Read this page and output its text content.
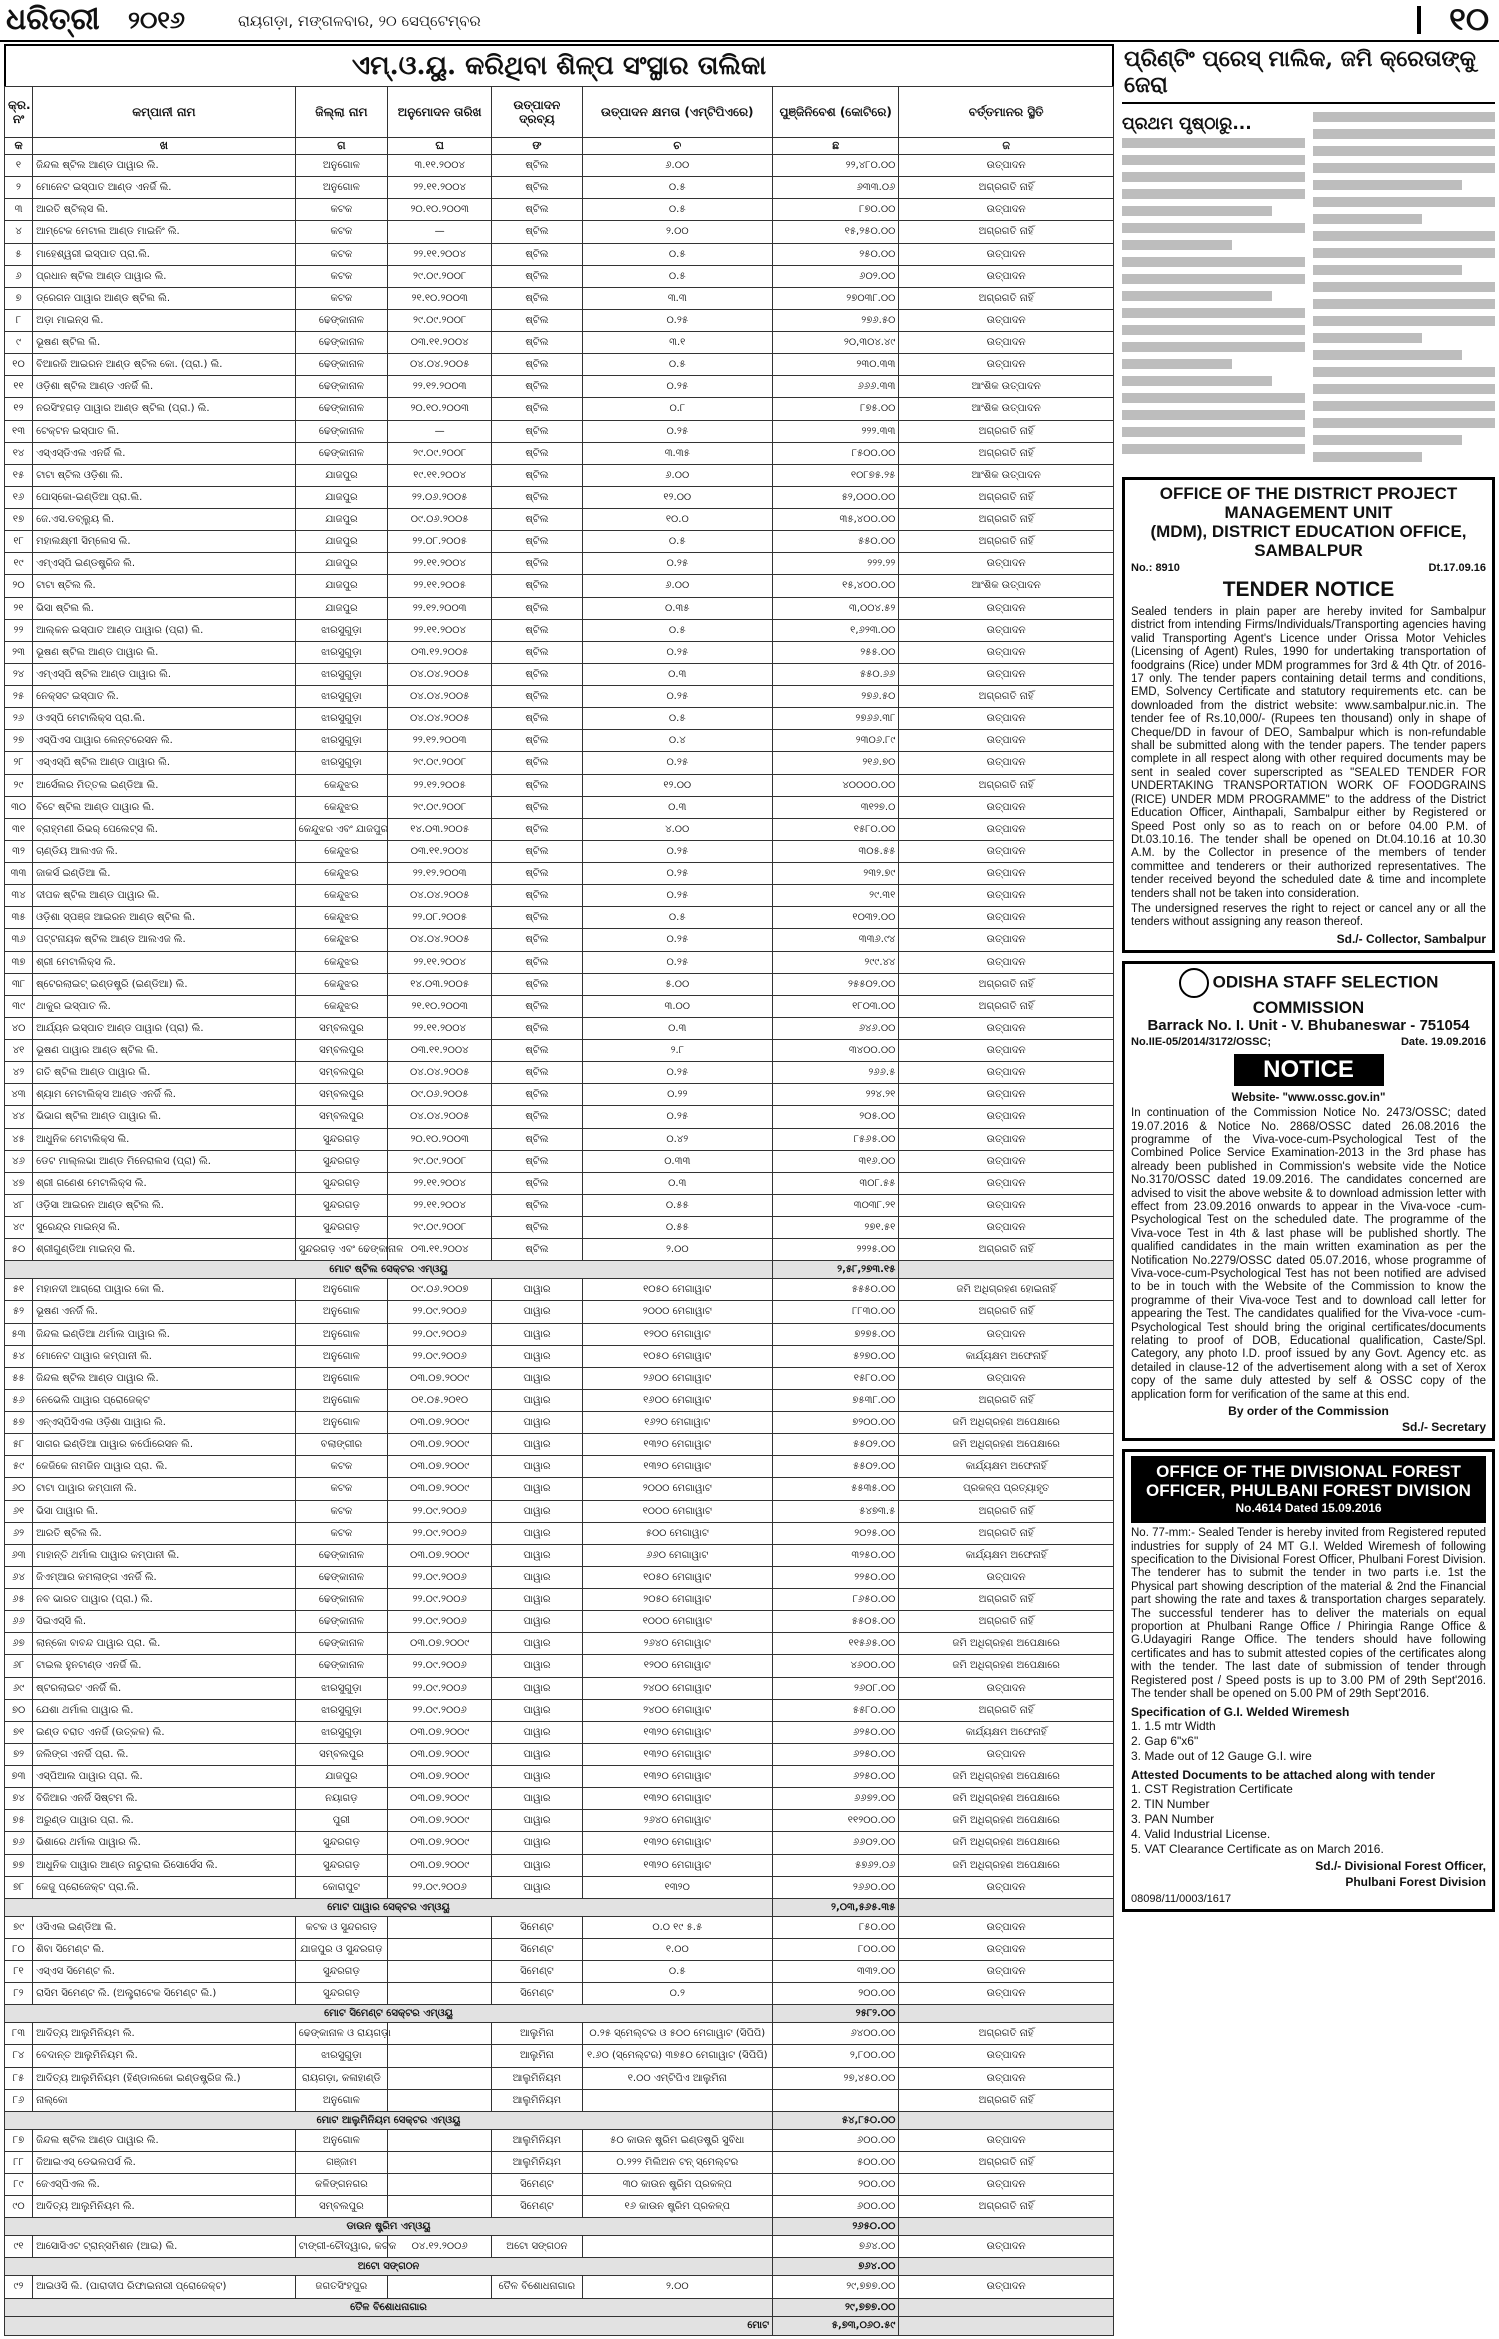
ଧରିତ୍ରୀ ୨୦୧୬	ରାୟଗଡ଼ା, ମଙ୍ଗଳବାର, ୨୦ ସେପ୍ଟେମ୍ବର	୧୦
ଏମ୍.ଓ.ୟୁ. କରିଥିବା ଶିଳ୍ପ ସଂସ୍ଥାର ତାଲିକା
କ୍ର. ନଂ	କମ୍ପାନୀ ନାମ	ଜିଲ୍ଲା ନାମ	ଅନୁମୋଦନ ତାରିଖ	ଉତ୍ପାଦନ ଦ୍ରବ୍ୟ	ଉତ୍ପାଦନ କ୍ଷମତା (ଏମ୍‌ଟିପିଏରେ)	ପୁଞ୍ଜିନିବେଶ (କୋଟିରେ)	ବର୍ତ୍ତମାନର ସ୍ଥିତି
କ	ଖ	ଗ	ଘ	ଙ	ଚ	ଛ	ଜ
୧	ଜିନ୍ଦଲ ଷ୍ଟିଲ ଆଣ୍ଡ ପାୱାର ଲି.	ଅନୁଗୋଳ	୩.୧୧.୨୦୦୪	ଷ୍ଟିଲ	୬.୦୦	୨୨,୪୮୦.୦୦	ଉତ୍ପାଦନ
୨	ମୋନେଟ ଇସ୍ପାତ ଆଣ୍ଡ ଏନର୍ଜି ଲି.	ଅନୁଗୋଳ	୨୨.୧୧.୨୦୦୪	ଷ୍ଟିଲ	୦.୫	୬୩୩.୦୬	ଅଗ୍ରଗତି ନାହିଁ
୩	ଆରତି ଷ୍ଟିଲ୍ସ ଲି.	କଟକ	୨୦.୧୦.୨୦୦୩	ଷ୍ଟିଲ	୦.୫	୮୭୦.୦୦	ଉତ୍ପାଦନ
୪	ଆମ୍‌ଟେକ ମେଟାଲ ଆଣ୍ଡ ମାଇନିଂ ଲି.	କଟକ	—	ଷ୍ଟିଲ	୨.୦୦	୧୫,୨୫୦.୦୦	ଅଗ୍ରଗତି ନାହିଁ
୫	ମାହେଶ୍ୱରୀ ଇସ୍ପାତ ପ୍ରା.ଲି.	କଟକ	୨୨.୧୧.୨୦୦୪	ଷ୍ଟିଲ	୦.୫	୨୫୦.୦୦	ଉତ୍ପାଦନ
୬	ପ୍ରଧାନ ଷ୍ଟିଲ ଆଣ୍ଡ ପାୱାର ଲି.	କଟକ	୨୯.୦୯.୨୦୦୮	ଷ୍ଟିଲ	୦.୫	୬୦୨.୦୦	ଉତ୍ପାଦନ
୭	ଡ୍ରେଗନ ପାୱାର ଆଣ୍ଡ ଷ୍ଟିଲ ଲି.	କଟକ	୨୧.୧୦.୨୦୦୩	ଷ୍ଟିଲ	୩.୩	୨୭୦୩୮.୦୦	ଅଗ୍ରଗତି ନାହିଁ
୮	ଅଡ଼ା ମାଇନ୍ସ ଲି.	ଢେଙ୍କାନାଳ	୨୯.୦୯.୨୦୦୮	ଷ୍ଟିଲ	୦.୨୫	୨୭୬.୫୦	ଉତ୍ପାଦନ
୯	ଭୂଷଣ ଷ୍ଟିଲ ଲି.	ଢେଙ୍କାନାଳ	୦୩.୧୧.୨୦୦୪	ଷ୍ଟିଲ	୩.୧	୨୦,୩୦୪.୪୯	ଉତ୍ପାଦନ
୧୦	ବିଆରଜି ଆଇରନ ଆଣ୍ଡ ଷ୍ଟିଲ କୋ. (ପ୍ରା.) ଲି.	ଢେଙ୍କାନାଳ	୦୪.୦୪.୨୦୦୫	ଷ୍ଟିଲ	୦.୫	୨୩୦.୩୩	ଉତ୍ପାଦନ
୧୧	ଓଡ଼ିଶା ଷ୍ଟିଲ ଆଣ୍ଡ ଏନର୍ଜି ଲି.	ଢେଙ୍କାନାଳ	୨୨.୧୨.୨୦୦୩	ଷ୍ଟିଲ	୦.୨୫	୬୬୬.୩୩	ଆଂଶିକ ଉତ୍ପାଦନ
୧୨	ନରସିଂହଗଡ଼ ପାୱାର ଆଣ୍ଡ ଷ୍ଟିଲ (ପ୍ରା.) ଲି.	ଢେଙ୍କାନାଳ	୨୦.୧୦.୨୦୦୩	ଷ୍ଟିଲ	୦.୮	୮୭୫.୦୦	ଆଂଶିକ ଉତ୍ପାଦନ
୧୩	ଟେକ୍‌ଟନ ଇସ୍ପାତ ଲି.	ଢେଙ୍କାନାଳ	—	ଷ୍ଟିଲ	୦.୨୫	୨୨୨.୩୩	ଅଗ୍ରଗତି ନାହିଁ
୧୪	ଏସ୍‌ଏସ୍‌ଡିଏଲ ଏନର୍ଜି ଲି.	ଢେଙ୍କାନାଳ	୨୯.୦୯.୨୦୦୮	ଷ୍ଟିଲ	୩.୩୫	୮୫୦୦.୦୦	ଅଗ୍ରଗତି ନାହିଁ
୧୫	ଟାଟା ଷ୍ଟିଲ ଓଡ଼ିଶା ଲି.	ଯାଜପୁର	୧୯.୧୧.୨୦୦୪	ଷ୍ଟିଲ	୬.୦୦	୧୦୮୭୫.୨୫	ଆଂଶିକ ଉତ୍ପାଦନ
୧୬	ପୋସ୍କୋ-ଇଣ୍ଡିଆ ପ୍ରା.ଲି.	ଯାଜପୁର	୨୨.୦୬.୨୦୦୫	ଷ୍ଟିଲ	୧୨.୦୦	୫୨,୦୦୦.୦୦	ଅଗ୍ରଗତି ନାହିଁ
୧୭	ଜେ.ଏସ.ଡବ୍ଲ୍ୟୁ ଲି.	ଯାଜପୁର	୦୯.୦୬.୨୦୦୫	ଷ୍ଟିଲ	୧୦.୦	୩୫,୪୦୦.୦୦	ଅଗ୍ରଗତି ନାହିଁ
୧୮	ମହାଲକ୍ଷ୍ମୀ ସିମ୍‌ଲେସ ଲି.	ଯାଜପୁର	୨୨.୦୮.୨୦୦୫	ଷ୍ଟିଲ	୦.୫	୫୫୦.୦୦	ଅଗ୍ରଗତି ନାହିଁ
୧୯	ଏମ୍‌ଏସ୍‌ପି ଇଣ୍ଡଷ୍ଟ୍ରିଜ ଲି.	ଯାଜପୁର	୨୨.୧୧.୨୦୦୪	ଷ୍ଟିଲ	୦.୨୫	୨୨୨.୨୨	ଉତ୍ପାଦନ
୨୦	ଟାଟା ଷ୍ଟିଲ ଲି.	ଯାଜପୁର	୨୨.୧୧.୨୦୦୫	ଷ୍ଟିଲ	୬.୦୦	୧୫,୪୦୦.୦୦	ଆଂଶିକ ଉତ୍ପାଦନ
୨୧	ଭିସା ଷ୍ଟିଲ ଲି.	ଯାଜପୁର	୨୨.୧୨.୨୦୦୩	ଷ୍ଟିଲ	୦.୩୫	୩,୦୦୪.୫୨	ଉତ୍ପାଦନ
୨୨	ଆଲ୍‌କନ ଇସ୍ପାତ ଆଣ୍ଡ ପାୱାର (ପ୍ରା) ଲି.	ଝାରସୁଗୁଡ଼ା	୨୨.୧୧.୨୦୦୪	ଷ୍ଟିଲ	୦.୫	୧,୬୨୩.୦୦	ଉତ୍ପାଦନ
୨୩	ଭୂଷଣ ଷ୍ଟିଲ ଆଣ୍ଡ ପାୱାର ଲି.	ଝାରସୁଗୁଡ଼ା	୦୩.୧୨.୨୦୦୫	ଷ୍ଟିଲ	୦.୨୫	୨୫୫.୦୦	ଉତ୍ପାଦନ
୨୪	ଏମ୍‌ଏସ୍‌ପି ଷ୍ଟିଲ ଆଣ୍ଡ ପାୱାର ଲି.	ଝାରସୁଗୁଡ଼ା	୦୪.୦୪.୨୦୦୫	ଷ୍ଟିଲ	୦.୩	୫୫୦.୬୬	ଉତ୍ପାଦନ
୨୫	ନେକ୍ସଟ ଇସ୍ପାତ ଲି.	ଝାରସୁଗୁଡ଼ା	୦୪.୦୪.୨୦୦୫	ଷ୍ଟିଲ	୦.୨୫	୨୭୬.୫୦	ଅଗ୍ରଗତି ନାହିଁ
୨୬	ଓଏସ୍‌ପି ମେଟାଲିକ୍ସ ପ୍ରା.ଲି.	ଝାରସୁଗୁଡ଼ା	୦୪.୦୪.୨୦୦୫	ଷ୍ଟିଲ	୦.୫	୨୭୬୬.୩୮	ଉତ୍ପାଦନ
୨୭	ଏସ୍‌ପିଏସ ପାୱାର ଲେନ୍‌ଟରେସନ ଲି.	ଝାରସୁଗୁଡ଼ା	୨୨.୧୨.୨୦୦୩	ଷ୍ଟିଲ	୦.୪	୨୩୦୬.୮୯	ଉତ୍ପାଦନ
୨୮	ଏସ୍‌ଏସ୍‌ପି ଷ୍ଟିଲ ଆଣ୍ଡ ପାୱାର ଲି.	ଝାରସୁଗୁଡ଼ା	୨୯.୦୯.୨୦୦୮	ଷ୍ଟିଲ	୦.୨୫	୨୧୬.୭୦	ଉତ୍ପାଦନ
୨୯	ଆର୍ସେଲର ମିତ୍ତଲ ଇଣ୍ଡିଆ ଲି.	କେନ୍ଦୁଝର	୨୨.୧୨.୨୦୦୫	ଷ୍ଟିଲ	୧୨.୦୦	୪୦୦୦୦.୦୦	ଅଗ୍ରଗତି ନାହିଁ
୩୦	ବିଟେ ଷ୍ଟିଲ ଆଣ୍ଡ ପାୱାର ଲି.	କେନ୍ଦୁଝର	୨୯.୦୯.୨୦୦୮	ଷ୍ଟିଲ	୦.୩	୩୧୨୭.୦	ଉତ୍ପାଦନ
୩୧	ବ୍ରାହ୍ମଣୀ ରିଭର୍ ପେଲେଟ୍ସ ଲି.	କେନ୍ଦୁଝର ଏବଂ ଯାଜପୁର	୧୪.୦୩.୨୦୦୫	ଷ୍ଟିଲ	୪.୦୦	୧୫୮୦.୦୦	ଉତ୍ପାଦନ
୩୨	ଚାଣ୍ଡିୟ ଆଲଏଜ ଲି.	କେନ୍ଦୁଝର	୦୩.୧୧.୨୦୦୪	ଷ୍ଟିଲ	୦.୨୫	୩୦୫.୫୫	ଉତ୍ପାଦନ
୩୩	ଜାକର୍ସ ଇଣ୍ଡିଆ ଲି.	କେନ୍ଦୁଝର	୨୨.୧୨.୨୦୦୩	ଷ୍ଟିଲ	୦.୨୫	୨୩୨.୭୯	ଉତ୍ପାଦନ
୩୪	ଦୀପକ ଷ୍ଟିଲ ଆଣ୍ଡ ପାୱାର ଲି.	କେନ୍ଦୁଝର	୦୪.୦୪.୨୦୦୫	ଷ୍ଟିଲ	୦.୨୫	୨୯.୩୧	ଉତ୍ପାଦନ
୩୫	ଓଡ଼ିଶା ସ୍ପଞ୍ଜ ଆଇରନ ଆଣ୍ଡ ଷ୍ଟିଲ ଲି.	କେନ୍ଦୁଝର	୨୨.୦୮.୨୦୦୫	ଷ୍ଟିଲ	୦.୫	୧୦୩୨.୦୦	ଉତ୍ପାଦନ
୩୬	ପଟ୍ଟନାୟକ ଷ୍ଟିଲ ଆଣ୍ଡ ଆଲଏଜ ଲି.	କେନ୍ଦୁଝର	୦୪.୦୪.୨୦୦୫	ଷ୍ଟିଲ	୦.୨୫	୩୩୬.୯୪	ଉତ୍ପାଦନ
୩୭	ଶ୍ରୀ ମେଟାଲିକ୍ସ ଲି.	କେନ୍ଦୁଝର	୨୨.୧୧.୨୦୦୪	ଷ୍ଟିଲ	୦.୨୫	୨୯୯.୪୪	ଉତ୍ପାଦନ
୩୮	ଷ୍ଟେରଲାଇଟ୍ ଇଣ୍ଡଷ୍ଟ୍ରି (ଇଣ୍ଡିଆ) ଲି.	କେନ୍ଦୁଝର	୧୪.୦୩.୨୦୦୫	ଷ୍ଟିଲ	୫.୦୦	୨୫୫୦୨.୦୦	ଅଗ୍ରଗତି ନାହିଁ
୩୯	ଥାକୁର ଇସ୍ପାତ ଲି.	କେନ୍ଦୁଝର	୨୧.୧୦.୨୦୦୩	ଷ୍ଟିଲ	୩.୦୦	୧୮୦୩.୦୦	ଅଗ୍ରଗତି ନାହିଁ
୪୦	ଆର୍ଯ୍ୟନ ଇସ୍ପାତ ଆଣ୍ଡ ପାୱାର (ପ୍ରା) ଲି.	ସମ୍ବଲପୁର	୨୨.୧୧.୨୦୦୪	ଷ୍ଟିଲ	୦.୩	୬୪୬.୦୦	ଉତ୍ପାଦନ
୪୧	ଭୂଷଣ ପାୱାର ଆଣ୍ଡ ଷ୍ଟିଲ ଲି.	ସମ୍ବଲପୁର	୦୩.୧୧.୨୦୦୪	ଷ୍ଟିଲ	୨.୮	୩୪୦୦.୦୦	ଉତ୍ପାଦନ
୪୨	ଗତି ଷ୍ଟିଲ ଆଣ୍ଡ ପାୱାର ଲି.	ସମ୍ବଲପୁର	୦୪.୦୪.୨୦୦୫	ଷ୍ଟିଲ	୦.୨୫	୨୬୬.୫	ଉତ୍ପାଦନ
୪୩	ଶ୍ୟାମ ମେଟାଲିକ୍ସ ଆଣ୍ଡ ଏନର୍ଜି ଲି.	ସମ୍ବଲପୁର	୦୯.୦୬.୨୦୦୫	ଷ୍ଟିଲ	୦.୨୨	୨୨୪.୨୧	ଉତ୍ପାଦନ
୪୪	ଭିଭାଗ ଷ୍ଟିଲ ଆଣ୍ଡ ପାୱାର ଲି.	ସମ୍ବଲପୁର	୦୪.୦୪.୨୦୦୫	ଷ୍ଟିଲ	୦.୨୫	୨୦୫.୦୦	ଉତ୍ପାଦନ
୪୫	ଆଧୁନିକ ମେଟାଲିକ୍ସ ଲି.	ସୁନ୍ଦରଗଡ଼	୨୦.୧୦.୨୦୦୩	ଷ୍ଟିଲ	୦.୪୨	୮୫୬୫.୦୦	ଉତ୍ପାଦନ
୪୬	ଡେଟ ମାଲ୍ଲଭା ଆଣ୍ଡ ମିନେରାଲସ (ପ୍ରା) ଲି.	ସୁନ୍ଦରଗଡ଼	୨୯.୦୯.୨୦୦୮	ଷ୍ଟିଲ	୦.୩୩	୩୧୬.୦୦	ଉତ୍ପାଦନ
୪୭	ଶ୍ରୀ ଗଣେଶ ମେଟାଲିକ୍ସ ଲି.	ସୁନ୍ଦରଗଡ଼	୨୨.୧୧.୨୦୦୪	ଷ୍ଟିଲ	୦.୩	୩୦୮.୫୫	ଉତ୍ପାଦନ
୪୮	ଓଡ଼ିସା ଆଇରନ ଆଣ୍ଡ ଷ୍ଟିଲ ଲି.	ସୁନ୍ଦରଗଡ଼	୨୨.୧୧.୨୦୦୪	ଷ୍ଟିଲ	୦.୫୫	୩୦୩୮.୨୧	ଉତ୍ପାଦନ
୪୯	ସୁରେନ୍ଦ୍ର ମାଇନ୍ସ ଲି.	ସୁନ୍ଦରଗଡ଼	୨୯.୦୯.୨୦୦୮	ଷ୍ଟିଲ	୦.୫୫	୨୭୧.୫୧	ଉତ୍ପାଦନ
୫୦	ଶ୍ରୀଗୁଣ୍ଡିଆ ମାଇନ୍ସ ଲି.	ସୁନ୍ଦରଗଡ଼ ଏବଂ ଢେଙ୍କାନାଳ	୦୩.୧୧.୨୦୦୪	ଷ୍ଟିଲ	୨.୦୦	୨୨୨୫.୦୦	ଅଗ୍ରଗତି ନାହିଁ
ମୋଟ ଷ୍ଟିଲ ସେକ୍ଟର ଏମ୍‌ଓୟୁ						୨,୫୮,୨୭୩.୧୫	
୫୧	ମହାନଦୀ ଆଗ୍ରୋ ପାୱାର କୋ ଲି.	ଅନୁଗୋଳ	୦୯.୦୬.୨୦୦୭	ପାୱାର	୧୦୫୦ ମେଗାୱାଟ	୫୫୫୦.୦୦	ଜମି ଅଧିଗ୍ରହଣ ହୋଇନାହିଁ
୫୨	ଭୂଷଣ ଏନର୍ଜି ଲି.	ଅନୁଗୋଳ	୨୨.୦୯.୨୦୦୬	ପାୱାର	୨୦୦୦ ମେଗାୱାଟ	୮୮୩୦.୦୦	ଅଗ୍ରଗତି ନାହିଁ
୫୩	ଜିନ୍ଦଲ ଇଣ୍ଡିଆ ଥର୍ମାଲ ପାୱାର ଲି.	ଅନୁଗୋଳ	୨୨.୦୯.୨୦୦୬	ପାୱାର	୧୨୦୦ ମେଗାୱାଟ	୭୨୭୫.୦୦	ଉତ୍ପାଦନ
୫୪	ମୋନେଟ ପାୱାର କମ୍ପାନୀ ଲି.	ଅନୁଗୋଳ	୨୨.୦୯.୨୦୦୬	ପାୱାର	୧୦୫୦ ମେଗାୱାଟ	୫୨୭୦.୦୦	କାର୍ଯ୍ୟକ୍ଷମ ଅଫେନାହିଁ
୫୫	ଜିନ୍ଦଲ ଷ୍ଟିଲ ଆଣ୍ଡ ପାୱାର ଲି.	ଅନୁଗୋଳ	୦୩.୦୭.୨୦୦୯	ପାୱାର	୨୬୦୦ ମେଗାୱାଟ	୧୫୮୦.୦୦	ଉତ୍ପାଦନ
୫୬	ନେଭେଲି ପାୱାର ପ୍ରୋଜେକ୍ଟ	ଅନୁଗୋଳ	୦୧.୦୫.୨୦୧୦	ପାୱାର	୧୬୦୦ ମେଗାୱାଟ	୭୫୩୮.୦୦	ଅଗ୍ରଗତି ନାହିଁ
୫୭	ଏନ୍‌ଏସ୍‌ପିସିଏଲ ଓଡ଼ିଶା ପାୱାର ଲି.	ଅନୁଗୋଳ	୦୩.୦୭.୨୦୦୯	ପାୱାର	୧୬୨୦ ମେଗାୱାଟ	୭୨୦୦.୦୦	ଜମି ଅଧିଗ୍ରହଣ ଅପେକ୍ଷାରେ
୫୮	ସାଗର ଇଣ୍ଡିଆ ପାୱାର କର୍ପୋରେସନ ଲି.	ବଲାଙ୍ଗୀର	୦୩.୦୭.୨୦୦୯	ପାୱାର	୧୩୨୦ ମେଗାୱାଟ	୫୫୦୨.୦୦	ଜମି ଅଧିଗ୍ରହଣ ଅପେକ୍ଷାରେ
୫୯	କେଜିକେ ନାମଜିନ ପାୱାର ପ୍ରା. ଲି.	କଟକ	୦୩.୦୭.୨୦୦୯	ପାୱାର	୧୩୨୦ ମେଗାୱାଟ	୫୫୦୨.୦୦	କାର୍ଯ୍ୟକ୍ଷମ ଅଫେନାହିଁ
୬୦	ଟାଟା ପାୱାର କମ୍ପାନୀ ଲି.	କଟକ	୦୩.୦୭.୨୦୦୯	ପାୱାର	୨୦୦୦ ମେଗାୱାଟ	୫୫୩୫.୦୦	ପ୍ରକଳ୍ପ ପ୍ରତ୍ୟାହୃତ
୬୧	ଭିସା ପାୱାର ଲି.	କଟକ	୨୨.୦୯.୨୦୦୬	ପାୱାର	୧୦୦୦ ମେଗାୱାଟ	୫୪୭୩.୫	ଅଗ୍ରଗତି ନାହିଁ
୬୨	ଆରତି ଷ୍ଟିଲ ଲି.	କଟକ	୨୨.୦୯.୨୦୦୬	ପାୱାର	୫୦୦ ମେଗାୱାଟ	୨୦୨୫.୦୦	ଅଗ୍ରଗତି ନାହିଁ
୬୩	ମାହାନ୍ତି ଥର୍ମାଲ ପାୱାର କମ୍ପାନୀ ଲି.	ଢେଙ୍କାନାଳ	୦୩.୦୭.୨୦୦୯	ପାୱାର	୬୬୦ ମେଗାୱାଟ	୩୨୫୦.୦୦	କାର୍ଯ୍ୟକ୍ଷମ ଅଫେନାହିଁ
୬୪	ଜିଏମ୍‌ଆର କମଲାଙ୍ଗ ଏନର୍ଜି ଲି.	ଢେଙ୍କାନାଳ	୨୨.୦୯.୨୦୦୬	ପାୱାର	୧୦୫୦ ମେଗାୱାଟ	୨୨୫୦.୦୦	ଉତ୍ପାଦନ
୬୫	ନବ ଭାରତ ପାୱାର (ପ୍ରା.) ଲି.	ଢେଙ୍କାନାଳ	୨୨.୦୯.୨୦୦୬	ପାୱାର	୨୦୫୦ ମେଗାୱାଟ	୮୬୫୦.୦୦	ଅଗ୍ରଗତି ନାହିଁ
୬୬	ସିଇଏସ୍‌ସି ଲି.	ଢେଙ୍କାନାଳ	୨୨.୦୯.୨୦୦୬	ପାୱାର	୧୦୦୦ ମେଗାୱାଟ	୫୫୦୫.୦୦	ଅଗ୍ରଗତି ନାହିଁ
୬୭	ଲାନ୍‌କୋ ବାବନ୍ଦ ପାୱାର ପ୍ରା. ଲି.	ଢେଙ୍କାନାଳ	୦୩.୦୭.୨୦୦୯	ପାୱାର	୨୬୪୦ ମେଗାୱାଟ	୧୧୫୬୫.୦୦	ଜମି ଅଧିଗ୍ରହଣ ଅପେକ୍ଷାରେ
୬୮	ଟାଇଲ ହୁନଟାଣ୍ଡ ଏନର୍ଜି ଲି.	ଢେଙ୍କାନାଳ	୨୨.୦୯.୨୦୦୬	ପାୱାର	୧୨୦୦ ମେଗାୱାଟ	୪୬୦୦.୦୦	ଜମି ଅଧିଗ୍ରହଣ ଅପେକ୍ଷାରେ
୬୯	ଷ୍ଟରଲାଇଟ ଏନର୍ଜି ଲି.	ଝାରସୁଗୁଡ଼ା	୨୨.୦୯.୨୦୦୬	ପାୱାର	୨୪୦୦ ମେଗାୱାଟ	୨୬୦୮.୦୦	ଉତ୍ପାଦନ
୭୦	ଯେଶା ଥର୍ମାଲ ପାୱାର ଲି.	ଝାରସୁଗୁଡ଼ା	୨୨.୦୯.୨୦୦୬	ପାୱାର	୨୪୦୦ ମେଗାୱାଟ	୫୫୮୦.୦୦	ଅଗ୍ରଗତି ନାହିଁ
୭୧	ଇଣ୍ଡ ବରାତ ଏନର୍ଜି (ଉତ୍କଳ) ଲି.	ଝାରସୁଗୁଡ଼ା	୦୩.୦୭.୨୦୦୯	ପାୱାର	୧୩୨୦ ମେଗାୱାଟ	୬୨୫୦.୦୦	କାର୍ଯ୍ୟକ୍ଷମ ଅଫେନାହିଁ
୭୨	ଜଲିଙ୍ଗ ଏନର୍ଜି ପ୍ରା. ଲି.	ସମ୍ବଲପୁର	୦୩.୦୭.୨୦୦୯	ପାୱାର	୧୩୨୦ ମେଗାୱାଟ	୬୨୫୦.୦୦	ଉତ୍ପାଦନ
୭୩	ଏସ୍‌ପିଆଲ ପାୱାର ପ୍ରା. ଲି.	ଯାଜପୁର	୦୩.୦୭.୨୦୦୯	ପାୱାର	୧୩୨୦ ମେଗାୱାଟ	୬୨୫୦.୦୦	ଜମି ଅଧିଗ୍ରହଣ ଅପେକ୍ଷାରେ
୭୪	ବିଜିଆର ଏନର୍ଜି ସିଷ୍ଟମ ଲି.	ନୟାଗଡ଼	୦୩.୦୭.୨୦୦୯	ପାୱାର	୧୩୨୦ ମେଗାୱାଟ	୬୬୭୨.୦୦	ଜମି ଅଧିଗ୍ରହଣ ଅପେକ୍ଷାରେ
୭୫	ଅରୁଣ୍ଡ ପାୱାର ପ୍ରା. ଲି.	ପୁରୀ	୦୩.୦୭.୨୦୦୯	ପାୱାର	୨୬୪୦ ମେଗାୱାଟ	୧୧୨୦୦.୦୦	ଜମି ଅଧିଗ୍ରହଣ ଅପେକ୍ଷାରେ
୭୬	ଭିଶାରେ ଥର୍ମାଲ ପାୱାର ଲି.	ସୁନ୍ଦରଗଡ଼	୦୩.୦୭.୨୦୦୯	ପାୱାର	୧୩୨୦ ମେଗାୱାଟ	୬୬୦୨.୦୦	ଜମି ଅଧିଗ୍ରହଣ ଅପେକ୍ଷାରେ
୭୭	ଆଧୁନିକ ପାୱାର ଆଣ୍ଡ ନାଚୁରାଲ ରିସୋର୍ସେସ ଲି.	ସୁନ୍ଦରଗଡ଼	୦୩.୦୭.୨୦୦୯	ପାୱାର	୧୩୨୦ ମେଗାୱାଟ	୫୭୬୨.୦୬	ଜମି ଅଧିଗ୍ରହଣ ଅପେକ୍ଷାରେ
୭୮	କେଜୁ ପ୍ରୋଜେକ୍ଟ ପ୍ରା.ଲି.	କୋରାପୁଟ	୨୨.୦୯.୨୦୦୬	ପାୱାର	୧୩୨୦	୨୬୬୦.୦୦	ଉତ୍ପାଦନ
ମୋଟ ପାୱାର ସେକ୍ଟର ଏମ୍‌ଓୟୁ						୨,୦୩,୫୬୫.୩୫	
୭୯	ଓସିଏଲ ଇଣ୍ଡିଆ ଲି.	କଟକ ଓ ସୁନ୍ଦରଗଡ଼		ସିମେଣ୍ଟ	୦.୦ ୧୯ ୫.୫	୮୫୦.୦୦	ଉତ୍ପାଦନ
୮୦	ଶିବା ସିମେଣ୍ଟ ଲି.	ଯାଜପୁର ଓ ସୁନ୍ଦରଗଡ଼		ସିମେଣ୍ଟ	୧.୦୦	୮୦୦.୦୦	ଉତ୍ପାଦନ
୮୧	ଏସ୍‌ଏସ ସିମେଣ୍ଟ ଲି.	ସୁନ୍ଦରଗଡ଼		ସିମେଣ୍ଟ	୦.୫	୩୩୨.୦୦	ଉତ୍ପାଦନ
୮୨	ରାସିମ ସିମେଣ୍ଟ ଲି. (ଅଲ୍ଟ୍ରାଟେକ ସିମେଣ୍ଟ ଲି.)	ସୁନ୍ଦରଗଡ଼		ସିମେଣ୍ଟ	୦.୨	୨୦୦.୦୦	ଉତ୍ପାଦନ
ମୋଟ ସିମେଣ୍ଟ ସେକ୍ଟର ଏମ୍‌ଓୟୁ						୨୫୮୨.୦୦	
୮୩	ଆଦିତ୍ୟ ଆଲୁମିନିୟମ ଲି.	ଢେଙ୍କାନାଳ ଓ ରାୟଗଡ଼ା		ଆଲୁମିନା	୦.୨୫ ସ୍ମେଲ୍ଟର ଓ ୫୦୦ ମେଗାୱାଟ (ସିପିପି)	୬୪୦୦.୦୦	ଅଗ୍ରଗତି ନାହିଁ
୮୪	ବେଦାନ୍ତ ଆଲୁମିନିୟମ ଲି.	ଝାରସୁଗୁଡ଼ା		ଆଲୁମିନା	୧.୬୦ (ସ୍ମେଲ୍ଟର) ୩୭୫୦ ମେଗାୱାଟ (ସିପିପି)	୨,୮୦୦.୦୦	ଉତ୍ପାଦନ
୮୫	ଆଦିତ୍ୟ ଆଲୁମିନିୟମ (ହିଣ୍ଡାଲକୋ ଇଣ୍ଡଷ୍ଟ୍ରିଜ ଲି.)	ରାୟଗଡ଼ା, କଳାହାଣ୍ଡି		ଆଲୁମିନିୟମ	୧.୦୦ ଏମ୍‌ଟିପିଏ ଆଲୁମିନା	୨୭,୪୫୦.୦୦	ଉତ୍ପାଦନ
୮୬	ନାଲ୍‌କୋ	ଅନୁଗୋଳ		ଆଲୁମିନିୟମ			ଅଗ୍ରଗତି ନାହିଁ
ମୋଟ ଆଲୁମିନିୟମ ସେକ୍ଟର ଏମ୍‌ଓୟୁ						୫୪,୮୫୦.୦୦	
୮୭	ଜିନ୍ଦଲ ଷ୍ଟିଲ ଆଣ୍ଡ ପାୱାର ଲି.	ଅନୁଗୋଳ		ଆଲୁମିନିୟମ	୫୦ କାଉନ ଷ୍ଟ୍ରିମ ଇଣ୍ଡଷ୍ଟ୍ରି ସୁବିଧା	୬୦୦.୦୦	ଉତ୍ପାଦନ
୮୮	ଜିଆଇଏସ୍ ଡେଭଲପର୍ସ ଲି.	ଗଞ୍ଜାମ		ଆଲୁମିନିୟମ	୦.୨୨୨ ମିଲିଅନ ଟନ୍ ସ୍ମେଲ୍ଟର	୫୦୦.୦୦	ଅଗ୍ରଗତି ନାହିଁ
୮୯	ଜେଏସ୍‌ପିଏଲ ଲି.	କଳିଙ୍ଗନଗର		ସିମେଣ୍ଟ	୩୦ କାଉନ ଷ୍ଟ୍ରିମ ପ୍ରକଳ୍ପ	୨୦୦.୦୦	ଉତ୍ପାଦନ
୯୦	ଆଦିତ୍ୟ ଆଲୁମିନିୟମ ଲି.	ସମ୍ବଲପୁର		ସିମେଣ୍ଟ	୧୬ କାଉନ ଷ୍ଟ୍ରିମ ପ୍ରକଳ୍ପ	୬୦୦.୦୦	ଅଗ୍ରଗତି ନାହିଁ
ଡାଉନ ଷ୍ଟ୍ରିମ ଏମ୍‌ଓୟୁ						୨୬୫୦.୦୦	
୯୧	ଆସୋସିଏଟ ଟ୍ରାନ୍ସମିଶନ (ଆଇ) ଲି.	ଟାଙ୍ଗୀ-ଚୌଦ୍ୱାର, କଟକ	୦୪.୧୨.୨୦୦୬	ଅଟୋ ସଙ୍ଗଠନ		୭୬୪.୦୦	ଉତ୍ପାଦନ
ଅଟୋ ସଙ୍ଗଠନ						୭୬୪.୦୦	
୯୨	ଆଇଓସି ଲି. (ପାରାଦୀପ ରିଫାଇନାରୀ ପ୍ରୋଜେକ୍ଟ)	ଜଗତସିଂହପୁର		ତୈଳ ବିଶୋଧନାଗାର	୨.୦୦	୨୯,୭୭୭.୦୦	ଉତ୍ପାଦନ
ତୈଳ ବିଶୋଧନାଗାର						୨୯,୭୭୭.୦୦	
ମୋଟ						୫,୭୩,୦୬୦.୫୯	
ପ୍ରିଣ୍ଟିଂ ପ୍ରେସ୍ ମାଲିକ, ଜମି କ୍ରେତାଙ୍କୁ ଜେରା
ପ୍ରଥମ ପୃଷ୍ଠାରୁ...
OFFICE OF THE DISTRICT PROJECT MANAGEMENT UNIT
(MDM), DISTRICT EDUCATION OFFICE, SAMBALPUR
No.: 8910	Dt.17.09.16
TENDER NOTICE

Sealed tenders in plain paper are hereby invited for Sambalpur district from intending Firms/Individuals/Transporting agencies having valid Transporting Agent's Licence under Orissa Motor Vehicles (Licensing of Agent) Rules, 1990 for undertaking transportation of foodgrains (Rice) under MDM programmes for 3rd & 4th Qtr. of 2016-17 only. The tender papers containing detail terms and conditions, EMD, Solvency Certificate and statutory requirements etc. can be downloaded from the district website: www.sambalpur.nic.in. The tender fee of Rs.10,000/- (Rupees ten thousand) only in shape of Cheque/DD in favour of DEO, Sambalpur which is non-refundable shall be submitted along with the tender papers. The tender papers complete in all respect along with other required documents may be sent in sealed cover superscripted as "SEALED TENDER FOR UNDERTAKING TRANSPORTATION WORK OF FOODGRAINS (RICE) UNDER MDM PROGRAMME" to the address of the District Education Officer, Ainthapali, Sambalpur either by Registered or Speed Post only so as to reach on or before 04.00 P.M. of Dt.03.10.16. The tender shall be opened on Dt.04.10.16 at 10.30 A.M. by the Collector in presence of the members of tender committee and tenderers or their authorized representatives. The tender received beyond the scheduled date & time and incomplete tenders shall not be taken into consideration.

The undersigned reserves the right to reject or cancel any or all the tenders without assigning any reason thereof.

Sd./- Collector, Sambalpur
ODISHA STAFF SELECTION COMMISSION
Barrack No. I. Unit - V. Bhubaneswar - 751054
No.IIE-05/2014/3172/OSSC;	Date. 19.09.2016
NOTICE

Website- "www.ossc.gov.in"

In continuation of the Commission Notice No. 2473/OSSC; dated 19.07.2016 & Notice No. 2868/OSSC dated 26.08.2016 the programme of the Viva-voce-cum-Psychological Test of the Combined Police Service Examination-2013 in the 3rd phase has already been published in Commission's website vide the Notice No.3170/OSSC dated 19.09.2016. The candidates concerned are advised to visit the above website & to download admission letter with effect from 23.09.2016 onwards to appear in the Viva-voce -cum-Psychological Test on the scheduled date. The programme of the Viva-voce Test in 4th & last phase will be published shortly. The qualified candidates in the main written examination as per the Notification No.2279/OSSC dated 05.07.2016, whose programme of Viva-voce-cum-Psychological Test has not been notified are advised to be in touch with the Website of the Commission to know the programme of their Viva-voce Test and to download call letter for appearing the Test. The candidates qualified for the Viva-voce -cum-Psychological Test should bring the original certificates/documents relating to proof of DOB, Educational qualification, Caste/Spl. Category, any photo I.D. proof issued by any Govt. Agency etc. as detailed in clause-12 of the advertisement along with a set of Xerox copy of the same duly attested by self & OSSC copy of the application form for verification of the same at this end.

By order of the Commission
Sd./- Secretary
OFFICE OF THE DIVISIONAL FOREST
OFFICER, PHULBANI FOREST DIVISION
No.4614 Dated 15.09.2016

No. 77-mm:- Sealed Tender is hereby invited from Registered reputed industries for supply of 24 MT G.I. Welded Wiremesh of following specification to the Divisional Forest Officer, Phulbani Forest Division. The tenderer has to submit the tender in two parts i.e. 1st the Physical part showing description of the material & 2nd the Financial part showing the rate and taxes & transportation charges separately. The successful tenderer has to deliver the materials on equal proportion at Phulbani Range Office / Phiringia Range Office & G.Udayagiri Range Office. The tenders should have following certificates and has to submit attested copies of the certificates along with the tender. The last date of submission of tender through Registered post / Speed posts is up to 3.00 PM of 29th Sept'2016. The tender shall be opened on 5.00 PM of 29th Sept'2016.

Specification of G.I. Welded Wiremesh
1. 1.5 mtr Width
2. Gap 6"x6"
3. Made out of 12 Gauge G.I. wire
Attested Documents to be attached along with tender
1. CST Registration Certificate
2. TIN Number
3. PAN Number
4. Valid Industrial License.
5. VAT Clearance Certificate as on March 2016.
Sd./- Divisional Forest Officer,
Phulbani Forest Division
08098/11/0003/1617
